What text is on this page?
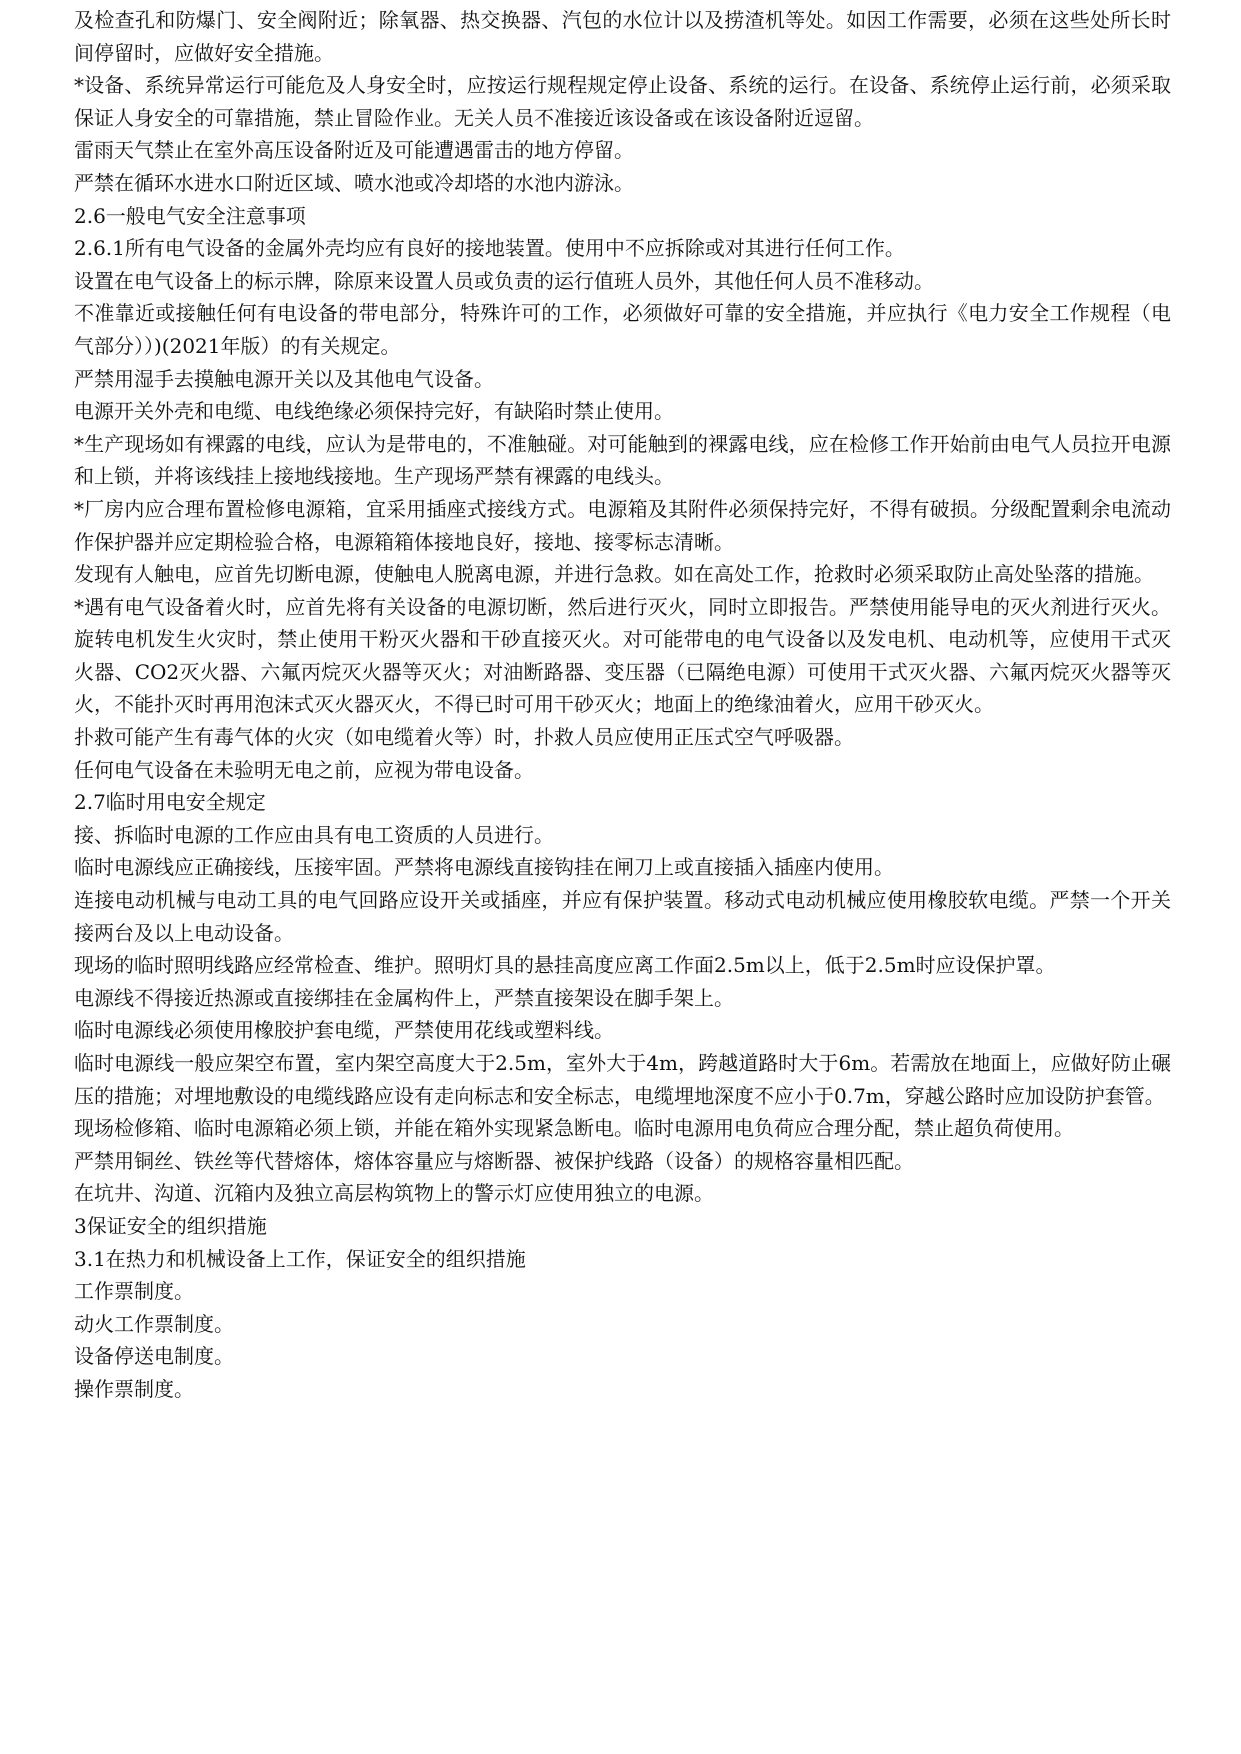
及检查孔和防爆门、安全阀附近；除氧器、热交换器、汽包的水位计以及捞渣机等处。如因工作需要，必须在这些处所长时间停留时，应做好安全措施。

*设备、系统异常运行可能危及人身安全时，应按运行规程规定停止设备、系统的运行。在设备、系统停止运行前，必须采取保证人身安全的可靠措施，禁止冒险作业。无关人员不准接近该设备或在该设备附近逗留。

雷雨天气禁止在室外高压设备附近及可能遭遇雷击的地方停留。

严禁在循环水进水口附近区域、喷水池或冷却塔的水池内游泳。

2.6一般电气安全注意事项

2.6.1所有电气设备的金属外壳均应有良好的接地装置。使用中不应拆除或对其进行任何工作。

设置在电气设备上的标示牌，除原来设置人员或负责的运行值班人员外，其他任何人员不准移动。

不准靠近或接触任何有电设备的带电部分，特殊许可的工作，必须做好可靠的安全措施，并应执行《电力安全工作规程（电气部分））)(2021年版）的有关规定。

严禁用湿手去摸触电源开关以及其他电气设备。

电源开关外壳和电缆、电线绝缘必须保持完好，有缺陷时禁止使用。

*生产现场如有裸露的电线，应认为是带电的，不准触碰。对可能触到的裸露电线，应在检修工作开始前由电气人员拉开电源和上锁，并将该线挂上接地线接地。生产现场严禁有裸露的电线头。

*厂房内应合理布置检修电源箱，宜采用插座式接线方式。电源箱及其附件必须保持完好，不得有破损。分级配置剩余电流动作保护器并应定期检验合格，电源箱箱体接地良好，接地、接零标志清晰。

发现有人触电，应首先切断电源，使触电人脱离电源，并进行急救。如在高处工作，抢救时必须采取防止高处坠落的措施。

*遇有电气设备着火时，应首先将有关设备的电源切断，然后进行灭火，同时立即报告。严禁使用能导电的灭火剂进行灭火。旋转电机发生火灾时，禁止使用干粉灭火器和干砂直接灭火。对可能带电的电气设备以及发电机、电动机等，应使用干式灭火器、CO2灭火器、六氟丙烷灭火器等灭火；对油断路器、变压器（已隔绝电源）可使用干式灭火器、六氟丙烷灭火器等灭火，不能扑灭时再用泡沫式灭火器灭火，不得已时可用干砂灭火；地面上的绝缘油着火，应用干砂灭火。

扑救可能产生有毒气体的火灾（如电缆着火等）时，扑救人员应使用正压式空气呼吸器。

任何电气设备在未验明无电之前，应视为带电设备。

2.7临时用电安全规定

接、拆临时电源的工作应由具有电工资质的人员进行。

临时电源线应正确接线，压接牢固。严禁将电源线直接钩挂在闸刀上或直接插入插座内使用。

连接电动机械与电动工具的电气回路应设开关或插座，并应有保护装置。移动式电动机械应使用橡胶软电缆。严禁一个开关接两台及以上电动设备。

现场的临时照明线路应经常检查、维护。照明灯具的悬挂高度应离工作面2.5m以上，低于2.5m时应设保护罩。

电源线不得接近热源或直接绑挂在金属构件上，严禁直接架设在脚手架上。

临时电源线必须使用橡胶护套电缆，严禁使用花线或塑料线。

临时电源线一般应架空布置，室内架空高度大于2.5m，室外大于4m，跨越道路时大于6m。若需放在地面上，应做好防止碾压的措施；对埋地敷设的电缆线路应设有走向标志和安全标志，电缆埋地深度不应小于0.7m，穿越公路时应加设防护套管。

现场检修箱、临时电源箱必须上锁，并能在箱外实现紧急断电。临时电源用电负荷应合理分配，禁止超负荷使用。

严禁用铜丝、铁丝等代替熔体，熔体容量应与熔断器、被保护线路（设备）的规格容量相匹配。

在坑井、沟道、沉箱内及独立高层构筑物上的警示灯应使用独立的电源。

3保证安全的组织措施

3.1在热力和机械设备上工作，保证安全的组织措施

工作票制度。

动火工作票制度。

设备停送电制度。

操作票制度。
